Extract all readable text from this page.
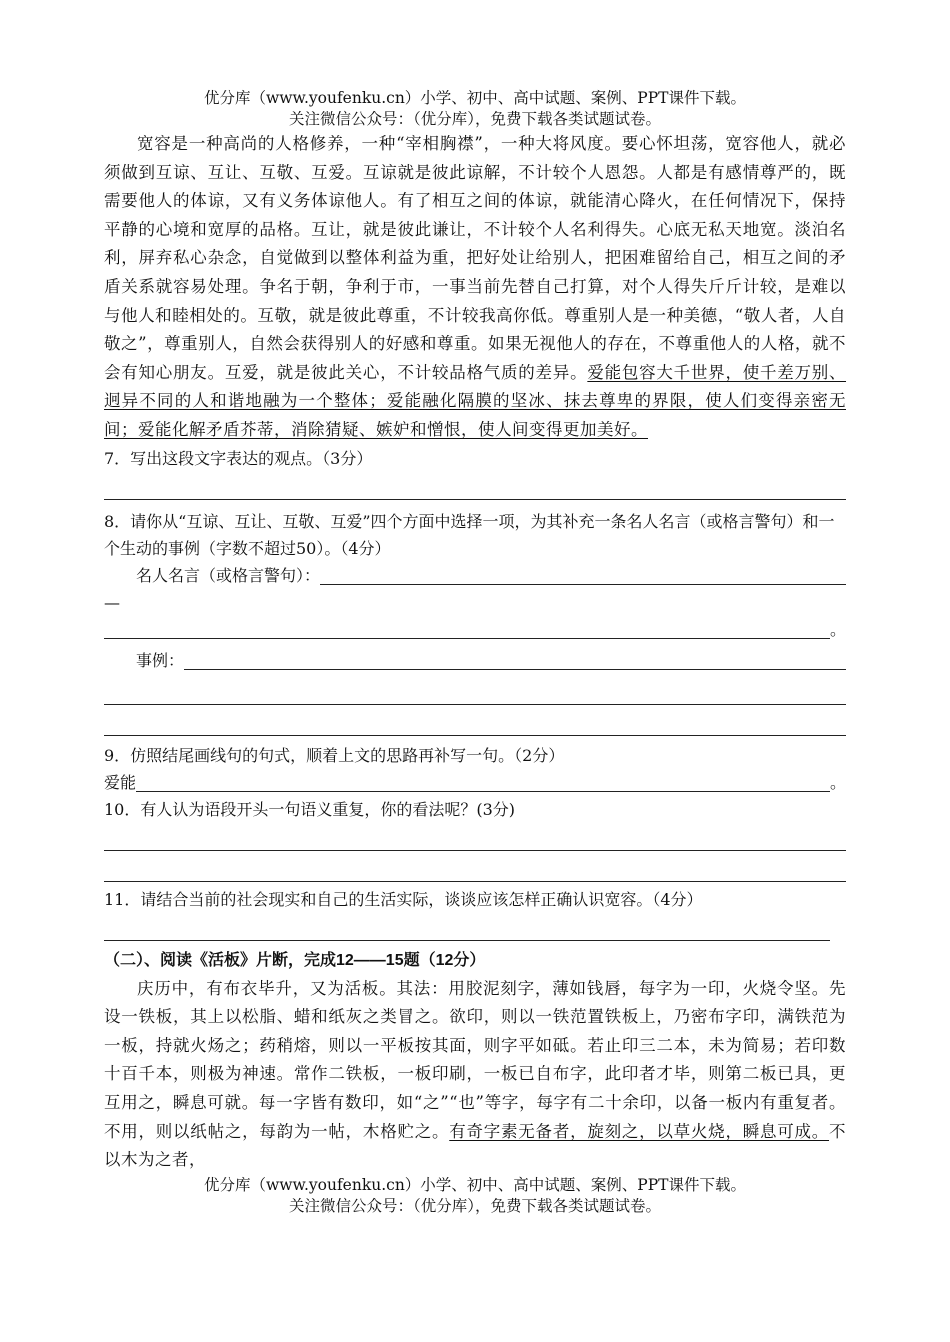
优分库（www.youfenku.cn）小学、初中、高中试题、案例、PPT课件下载。
关注微信公众号：（优分库），免费下载各类试题试卷。
宽容是一种高尚的人格修养，一种“宰相胸襟”，一种大将风度。要心怀坦荡，宽容他人，就必须做到互谅、互让、互敬、互爱。互谅就是彼此谅解，不计较个人恩怨。人都是有感情尊严的，既需要他人的体谅，又有义务体谅他人。有了相互之间的体谅，就能清心降火，在任何情况下，保持平静的心境和宽厚的品格。互让，就是彼此谦让，不计较个人名利得失。心底无私天地宽。淡泊名利，屏弃私心杂念，自觉做到以整体利益为重，把好处让给别人，把困难留给自己，相互之间的矛盾关系就容易处理。争名于朝，争利于市，一事当前先替自己打算，对个人得失斤斤计较，是难以与他人和睦相处的。互敬，就是彼此尊重，不计较我高你低。尊重别人是一种美德，“敬人者，人自敬之”，尊重别人，自然会获得别人的好感和尊重。如果无视他人的存在，不尊重他人的人格，就不会有知心朋友。互爱，就是彼此关心，不计较品格气质的差异。爱能包容大千世界，使千差万别、迥异不同的人和谐地融为一个整体；爱能融化隔膜的坚冰、抹去尊卑的界限，使人们变得亲密无间；爱能化解矛盾芥蒂，消除猜疑、嫉妒和憎恨，使人间变得更加美好。
7．写出这段文字表达的观点。（3分）
8．请你从“互谅、互让、互敬、互爱”四个方面中选择一项，为其补充一条名人名言（或格言警句）和一个生动的事例（字数不超过50）。（4分）
名人名言（或格言警句）：
—
。
事例：
9．仿照结尾画线句的句式，顺着上文的思路再补写一句。（2分）
爱能	。
10．有人认为语段开头一句语义重复，你的看法呢？(3分)
11．请结合当前的社会现实和自己的生活实际，谈谈应该怎样正确认识宽容。（4分）
（二）、阅读《活板》片断，完成12——15题（12分）
庆历中，有布衣毕升，又为活板。其法：用胶泥刻字，薄如钱唇，每字为一印，火烧令坚。先设一铁板，其上以松脂、蜡和纸灰之类冒之。欲印，则以一铁范置铁板上，乃密布字印，满铁范为一板，持就火炀之；药稍熔，则以一平板按其面，则字平如砥。若止印三二本，未为简易；若印数十百千本，则极为神速。常作二铁板，一板印刷，一板已自布字，此印者才毕，则第二板已具，更互用之，瞬息可就。每一字皆有数印，如“之”“也”等字，每字有二十余印，以备一板内有重复者。不用，则以纸帖之，每韵为一帖，木格贮之。有奇字素无备者，旋刻之，以草火烧，瞬息可成。不以木为之者，
优分库（www.youfenku.cn）小学、初中、高中试题、案例、PPT课件下载。
关注微信公众号：（优分库），免费下载各类试题试卷。
